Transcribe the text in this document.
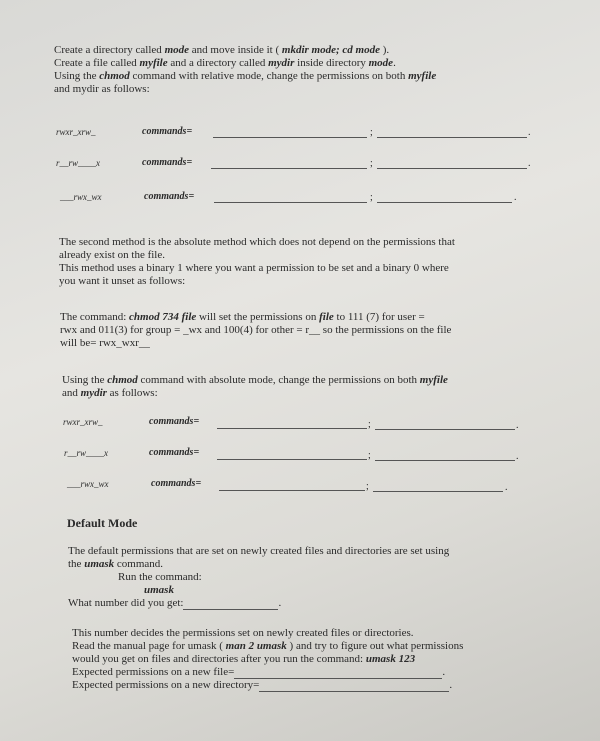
Create a directory called mode and move inside it ( mkdir mode; cd mode ).

Create a file called myfile and a directory called mydir inside directory mode.

Using the chmod command with relative mode, change the permissions on both myfile

and mydir as follows:

rwxr_xrw_	commands=	;	.
r__rw____x	commands=	;	.
___rwx_wx	commands=	;	.

The second method is the absolute method which does not depend on the permissions that

already exist on the file.

This method uses a binary 1 where you want a permission to be set and a binary 0 where

you want it unset as follows:

The command: chmod 734 file will set the permissions on file to 111 (7) for user =

rwx and 011(3) for group = _wx and 100(4) for other = r__ so the permissions on the file

will be= rwx_wxr__

Using the chmod command with absolute mode, change the permissions on both myfile

and mydir as follows:

rwxr_xrw_	commands=	;	.
r__rw____x	commands=	;	.
___rwx_wx	commands=	;	.
Default Mode

The default permissions that are set on newly created files and directories are set using

the umask command.

Run the command:

umask

What number did you get:	.

This number decides the permissions set on newly created files or directories.

Read the manual page for umask ( man 2 umask ) and try to figure out what permissions

would you get on files and directories after you run the command: umask 123

Expected permissions on a new file=	.

Expected permissions on a new directory=	.
